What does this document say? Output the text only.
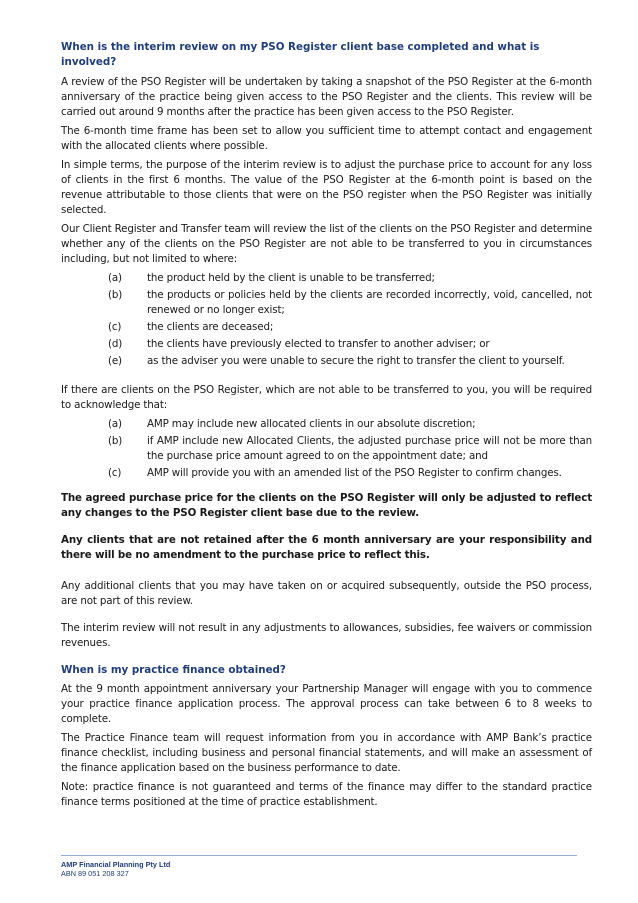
When is the interim review on my PSO Register client base completed and what is involved?

A review of the PSO Register will be undertaken by taking a snapshot of the PSO Register at the 6-month anniversary of the practice being given access to the PSO Register and the clients. This review will be carried out around 9 months after the practice has been given access to the PSO Register.

The 6-month time frame has been set to allow you sufficient time to attempt contact and engagement with the allocated clients where possible.

In simple terms, the purpose of the interim review is to adjust the purchase price to account for any loss of clients in the first 6 months. The value of the PSO Register at the 6-month point is based on the revenue attributable to those clients that were on the PSO register when the PSO Register was initially selected.

Our Client Register and Transfer team will review the list of the clients on the PSO Register and determine whether any of the clients on the PSO Register are not able to be transferred to you in circumstances including, but not limited to where:

(a)	the product held by the client is unable to be transferred;
(b)	the products or policies held by the clients are recorded incorrectly, void, cancelled, not renewed or no longer exist;
(c)	the clients are deceased;
(d)	the clients have previously elected to transfer to another adviser; or
(e)	as the adviser you were unable to secure the right to transfer the client to yourself.

If there are clients on the PSO Register, which are not able to be transferred to you, you will be required to acknowledge that:

(a)	AMP may include new allocated clients in our absolute discretion;
(b)	if AMP include new Allocated Clients, the adjusted purchase price will not be more than the purchase price amount agreed to on the appointment date; and
(c)	AMP will provide you with an amended list of the PSO Register to confirm changes.

The agreed purchase price for the clients on the PSO Register will only be adjusted to reflect any changes to the PSO Register client base due to the review.

Any clients that are not retained after the 6 month anniversary are your responsibility and there will be no amendment to the purchase price to reflect this.

Any additional clients that you may have taken on or acquired subsequently, outside the PSO process, are not part of this review.

The interim review will not result in any adjustments to allowances, subsidies, fee waivers or commission revenues.

When is my practice finance obtained?

At the 9 month appointment anniversary your Partnership Manager will engage with you to commence your practice finance application process. The approval process can take between 6 to 8 weeks to complete.

The Practice Finance team will request information from you in accordance with AMP Bank’s practice finance checklist, including business and personal financial statements, and will make an assessment of the finance application based on the business performance to date.

Note: practice finance is not guaranteed and terms of the finance may differ to the standard practice finance terms positioned at the time of practice establishment.

AMP Financial Planning Pty Ltd
ABN 89 051 208 327
